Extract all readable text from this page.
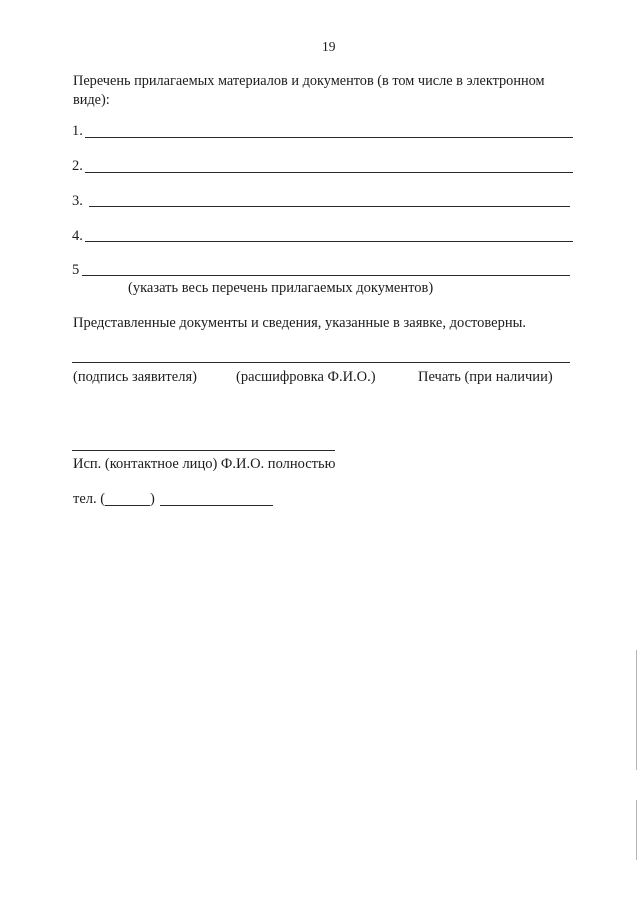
19
Перечень прилагаемых материалов и документов (в том числе в электронном
виде):
1.
2.
3.
4.
5
(указать весь перечень прилагаемых документов)
Представленные документы и сведения, указанные в заявке, достоверны.
(подпись заявителя)	(расшифровка Ф.И.О.)	Печать (при наличии)
Исп. (контактное лицо) Ф.И.О. полностью
тел. (	)
